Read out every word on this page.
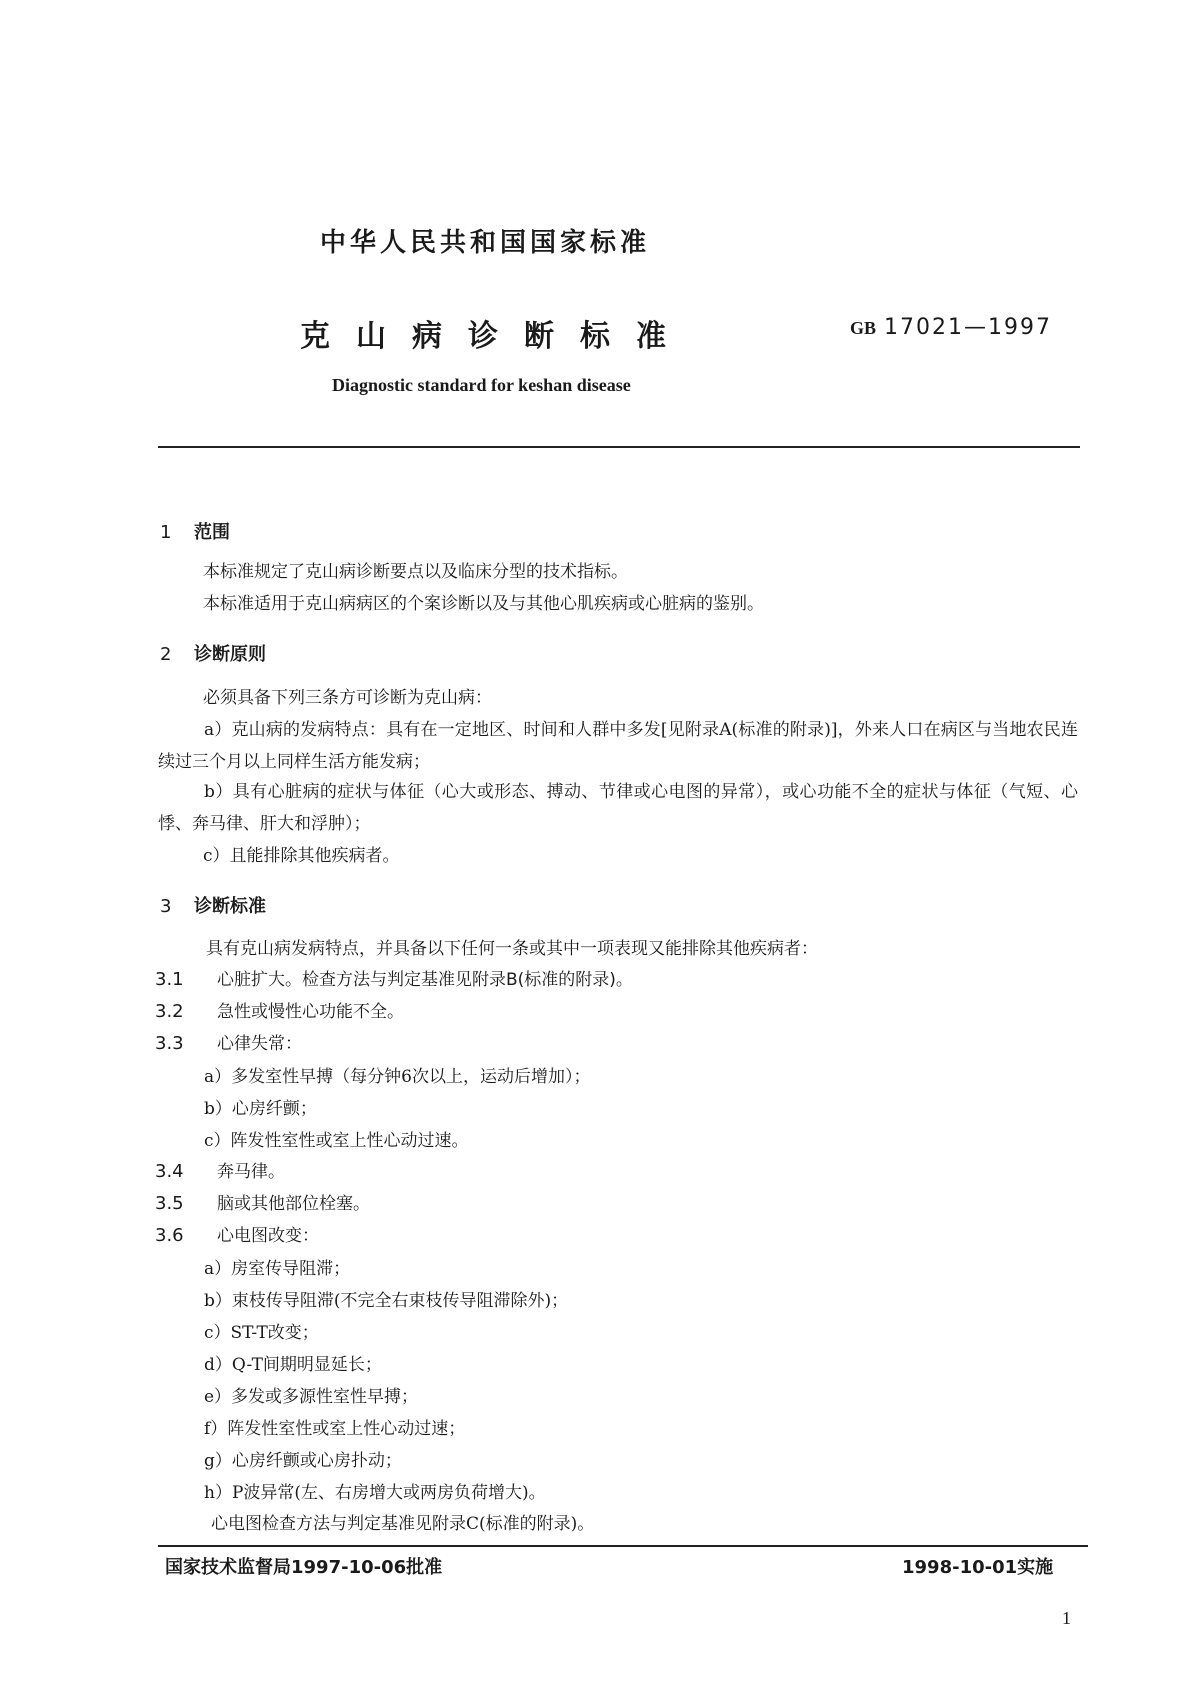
中华人民共和国国家标准
克山病诊断标准	GB 17021—1997
Diagnostic standard for keshan disease
1 范围
本标准规定了克山病诊断要点以及临床分型的技术指标。
本标准适用于克山病病区的个案诊断以及与其他心肌疾病或心脏病的鉴别。
2 诊断原则
必须具备下列三条方可诊断为克山病：
a）克山病的发病特点：具有在一定地区、时间和人群中多发[见附录A(标准的附录)]，外来人口在病区与当地农民连续过三个月以上同样生活方能发病；
b）具有心脏病的症状与体征（心大或形态、搏动、节律或心电图的异常），或心功能不全的症状与体征（气短、心悸、奔马律、肝大和浮肿）；
c）且能排除其他疾病者。
3 诊断标准
具有克山病发病特点，并具备以下任何一条或其中一项表现又能排除其他疾病者：
3.1 心脏扩大。检查方法与判定基准见附录B(标准的附录)。
3.2 急性或慢性心功能不全。
3.3 心律失常：
a）多发室性早搏（每分钟6次以上，运动后增加）；
b）心房纤颤；
c）阵发性室性或室上性心动过速。
3.4 奔马律。
3.5 脑或其他部位栓塞。
3.6 心电图改变：
a）房室传导阻滞；
b）束枝传导阻滞(不完全右束枝传导阻滞除外)；
c）ST-T改变；
d）Q-T间期明显延长；
e）多发或多源性室性早搏；
f）阵发性室性或室上性心动过速；
g）心房纤颤或心房扑动；
h）P波异常(左、右房增大或两房负荷增大)。
心电图检查方法与判定基准见附录C(标准的附录)。
国家技术监督局1997-10-06批准	1998-10-01实施
1
